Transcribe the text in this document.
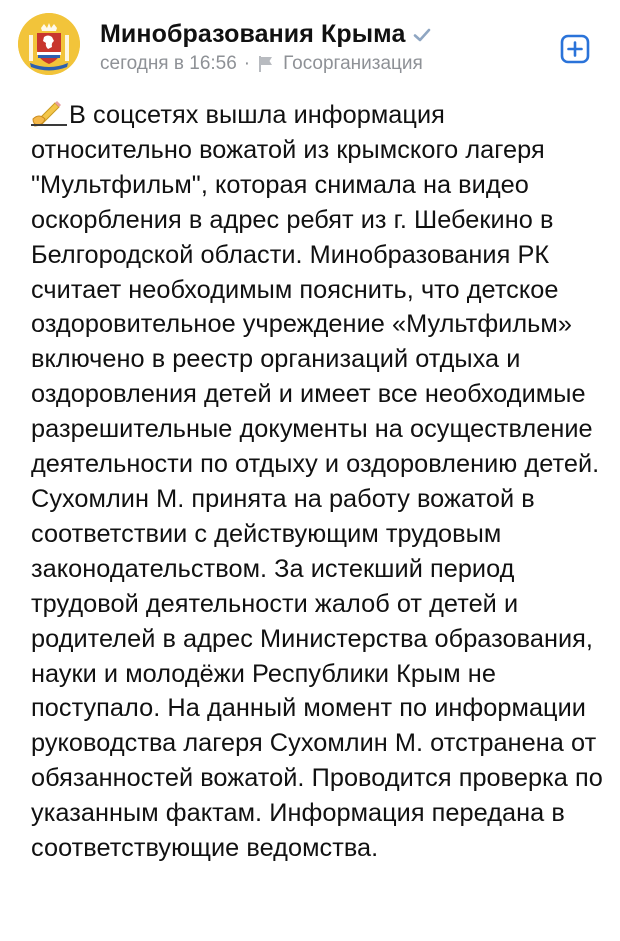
Минобразования Крыма
сегодня в 16:56 · Госорганизация

В соцсетях вышла информация относительно вожатой из крымского лагеря "Мультфильм", которая снимала на видео оскорбления в адрес ребят из г. Шебекино в Белгородской области. Минобразования РК считает необходимым пояснить, что детское оздоровительное учреждение «Мультфильм» включено в реестр организаций отдыха и оздоровления детей и имеет все необходимые разрешительные документы на осуществление деятельности по отдыху и оздоровлению детей.

Сухомлин М. принята на работу вожатой в соответствии с действующим трудовым законодательством. За истекший период трудовой деятельности жалоб от детей и родителей в адрес Министерства образования, науки и молодёжи Республики Крым не поступало. На данный момент по информации руководства лагеря Сухомлин М. отстранена от обязанностей вожатой. Проводится проверка по указанным фактам. Информация передана в соответствующие ведомства.
